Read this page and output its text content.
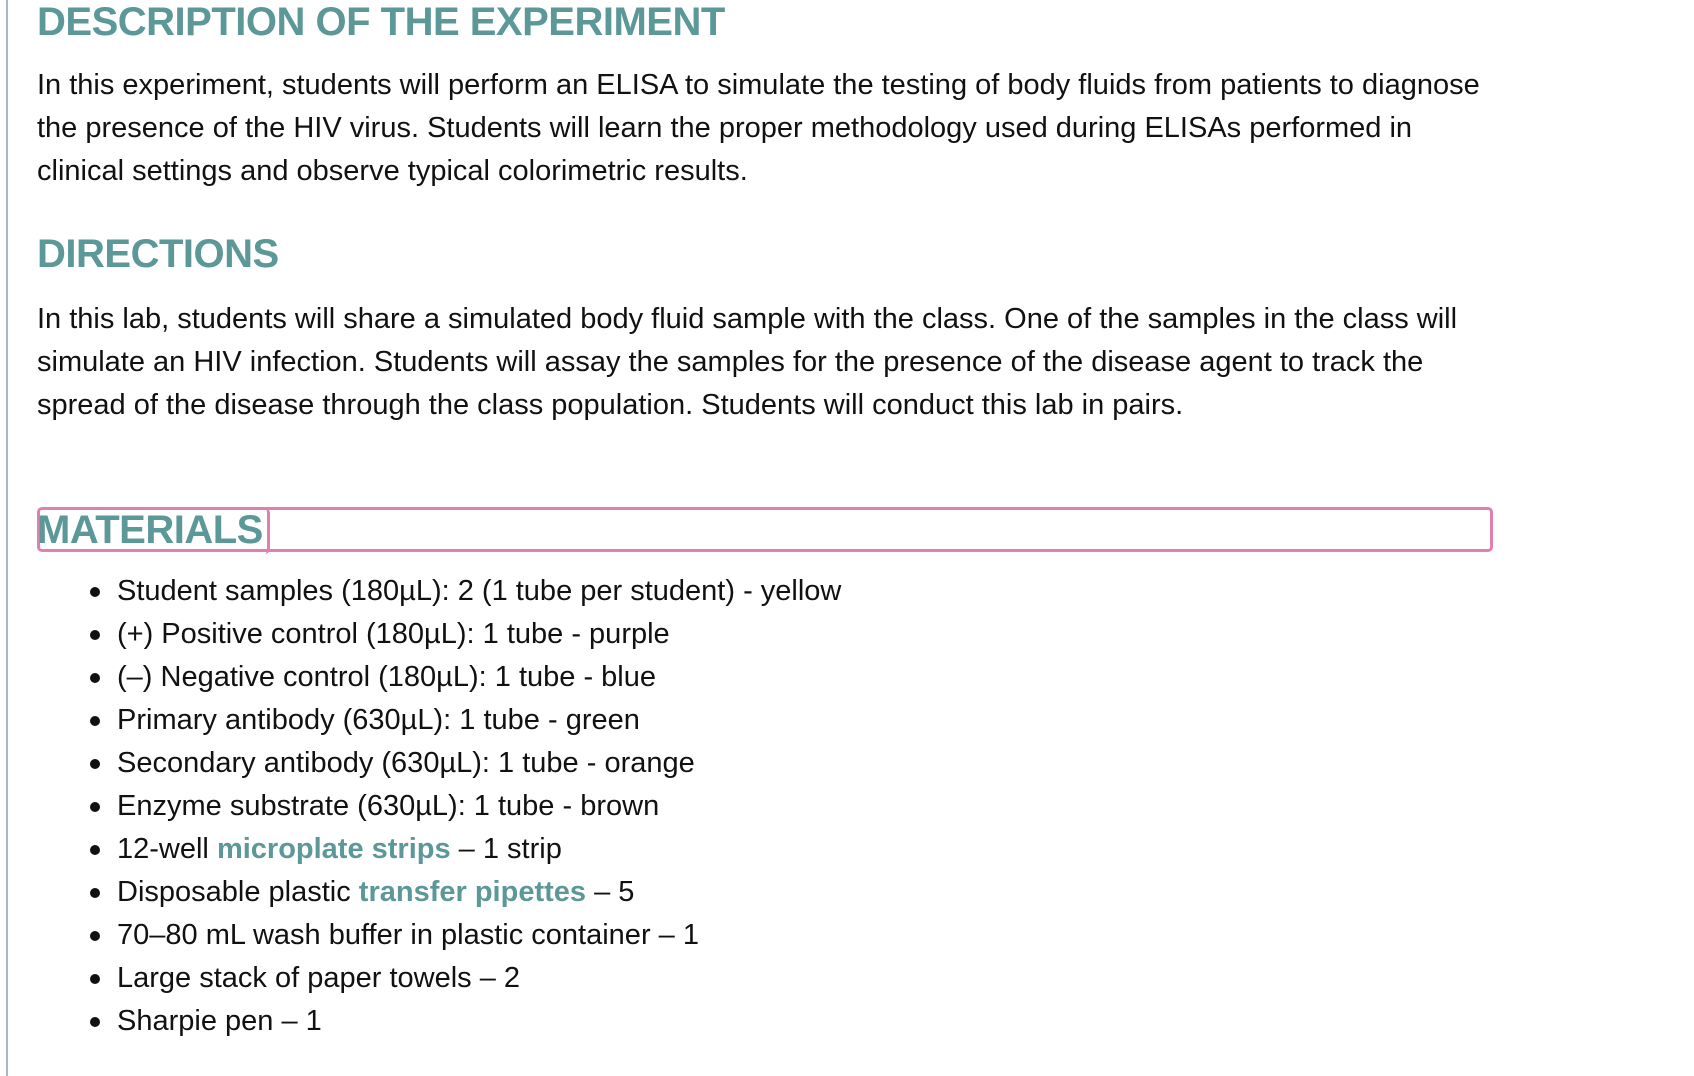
DESCRIPTION OF THE EXPERIMENT

In this experiment, students will perform an ELISA to simulate the testing of body fluids from patients to diagnose the presence of the HIV virus. Students will learn the proper methodology used during ELISAs performed in clinical settings and observe typical colorimetric results.

DIRECTIONS

In this lab, students will share a simulated body fluid sample with the class. One of the samples in the class will simulate an HIV infection. Students will assay the samples for the presence of the disease agent to track the spread of the disease through the class population. Students will conduct this lab in pairs.

MATERIALS
Student samples (180µL): 2 (1 tube per student) - yellow
(+) Positive control (180µL): 1 tube - purple
(–) Negative control (180µL): 1 tube - blue
Primary antibody (630µL): 1 tube - green
Secondary antibody (630µL): 1 tube - orange
Enzyme substrate (630µL): 1 tube - brown
12-well microplate strips – 1 strip
Disposable plastic transfer pipettes – 5
70–80 mL wash buffer in plastic container – 1
Large stack of paper towels – 2
Sharpie pen – 1
